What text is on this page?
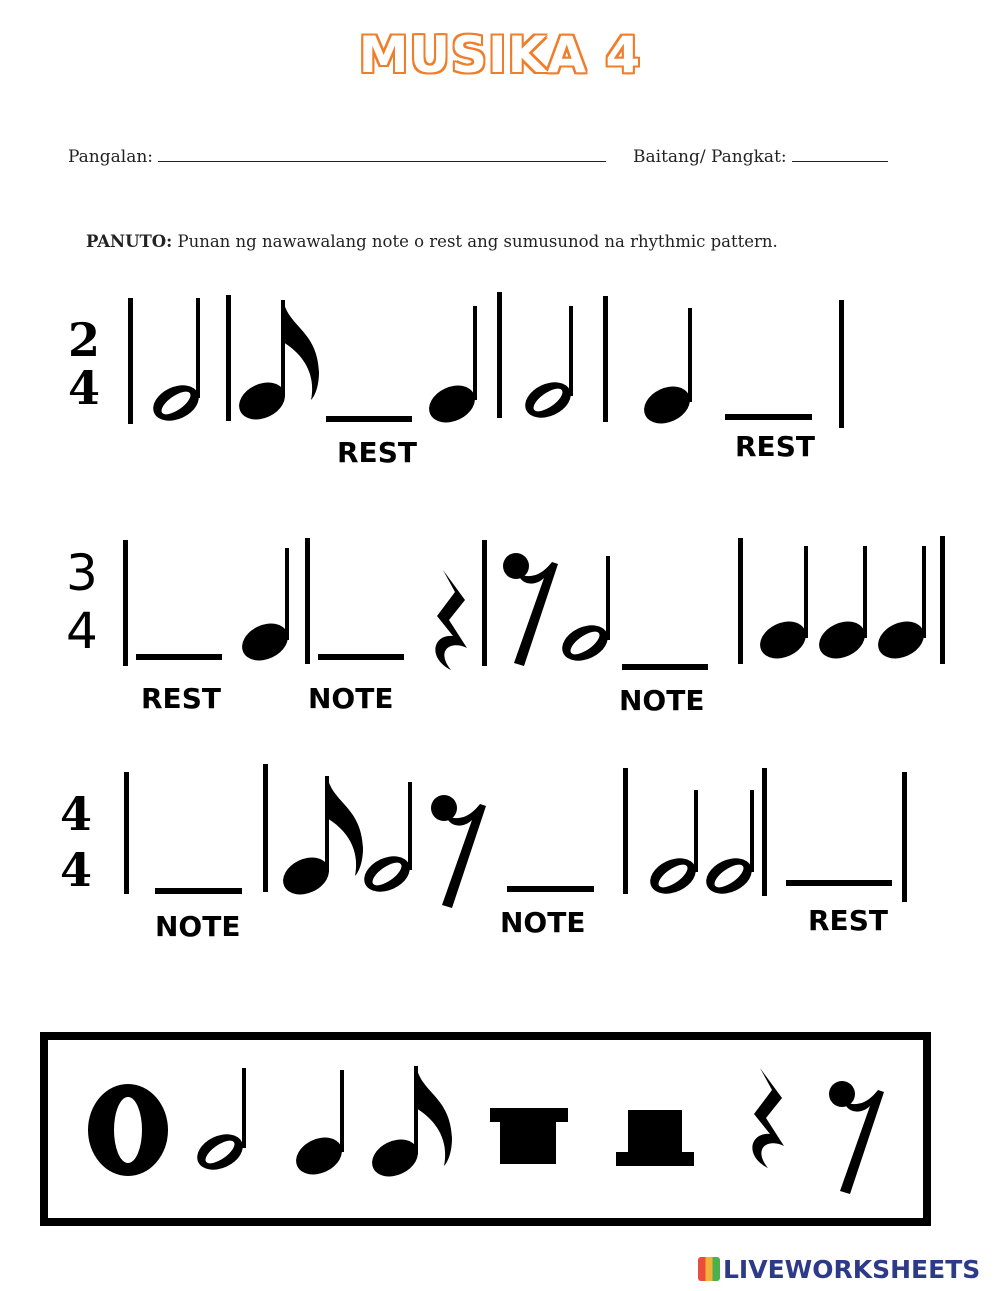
MUSIKA 4
Pangalan:	Baitang/ Pangkat:
PANUTO: Punan ng nawawalang note o rest ang sumusunod na rhythmic pattern.
2
4
REST	REST
3
4
REST	NOTE	NOTE
4
4
NOTE	NOTE	REST
LIVEWORKSHEETS
